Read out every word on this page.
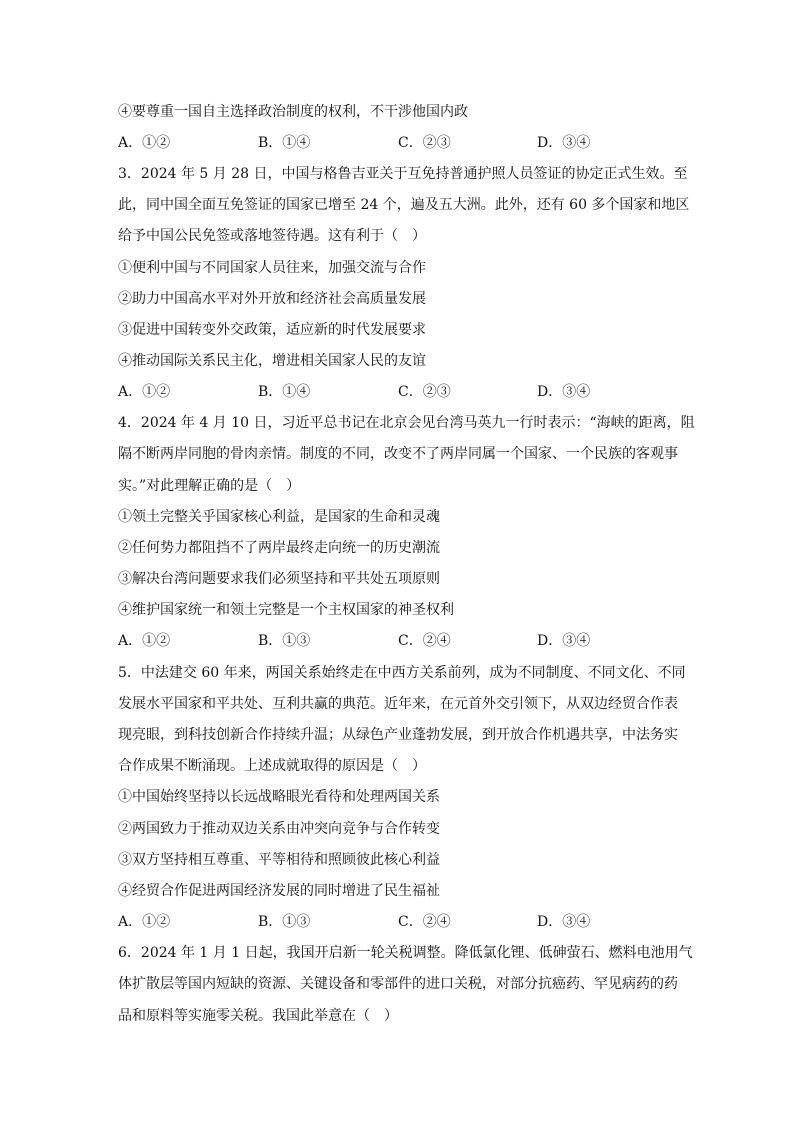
④要尊重一国自主选择政治制度的权利，不干涉他国内政
A．①②	B．①④	C．②③	D．③④
3．2024 年 5 月 28 日，中国与格鲁吉亚关于互免持普通护照人员签证的协定正式生效。至
此，同中国全面互免签证的国家已增至 24 个，遍及五大洲。此外，还有 60 多个国家和地区
给予中国公民免签或落地签待遇。这有利于（　）
①便利中国与不同国家人员往来，加强交流与合作
②助力中国高水平对外开放和经济社会高质量发展
③促进中国转变外交政策，适应新的时代发展要求
④推动国际关系民主化，增进相关国家人民的友谊
A．①②	B．①④	C．②③	D．③④
4．2024 年 4 月 10 日，习近平总书记在北京会见台湾马英九一行时表示：“海峡的距离，阻
隔不断两岸同胞的骨肉亲情。制度的不同，改变不了两岸同属一个国家、一个民族的客观事
实。”对此理解正确的是（　）
①领土完整关乎国家核心利益，是国家的生命和灵魂
②任何势力都阻挡不了两岸最终走向统一的历史潮流
③解决台湾问题要求我们必须坚持和平共处五项原则
④维护国家统一和领土完整是一个主权国家的神圣权利
A．①②	B．①③	C．②④	D．③④
5．中法建交 60 年来，两国关系始终走在中西方关系前列，成为不同制度、不同文化、不同
发展水平国家和平共处、互利共赢的典范。近年来，在元首外交引领下，从双边经贸合作表
现亮眼，到科技创新合作持续升温；从绿色产业蓬勃发展，到开放合作机遇共享，中法务实
合作成果不断涌现。上述成就取得的原因是（　）
①中国始终坚持以长远战略眼光看待和处理两国关系
②两国致力于推动双边关系由冲突向竞争与合作转变
③双方坚持相互尊重、平等相待和照顾彼此核心利益
④经贸合作促进两国经济发展的同时增进了民生福祉
A．①②	B．①③	C．②④	D．③④
6．2024 年 1 月 1 日起，我国开启新一轮关税调整。降低氯化锂、低砷萤石、燃料电池用气
体扩散层等国内短缺的资源、关键设备和零部件的进口关税，对部分抗癌药、罕见病药的药
品和原料等实施零关税。我国此举意在（　）
